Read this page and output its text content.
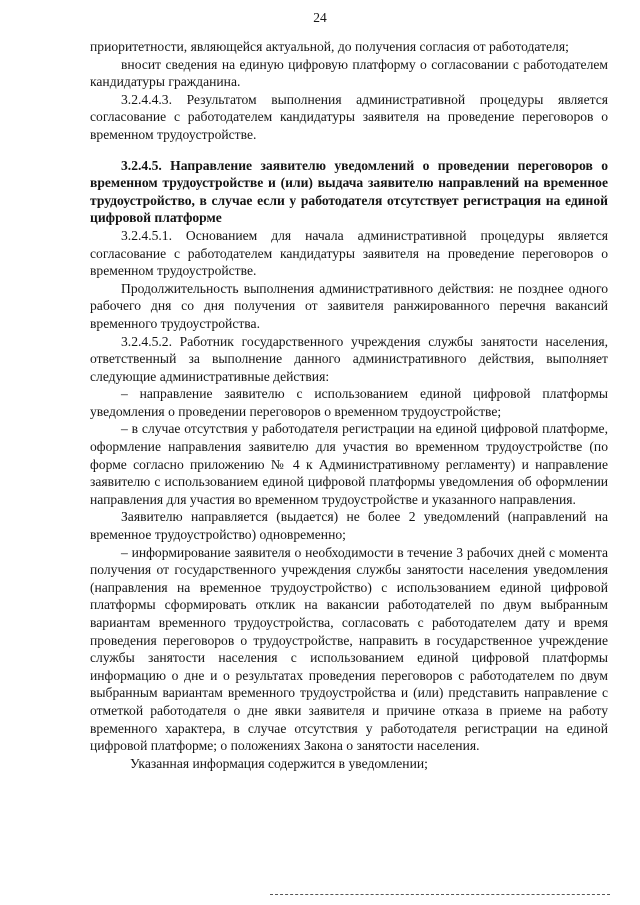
24

приоритетности, являющейся актуальной, до получения согласия от работодателя;

вносит сведения на единую цифровую платформу о согласовании с работодателем кандидатуры гражданина.

3.2.4.4.3. Результатом выполнения административной процедуры является согласование с работодателем кандидатуры заявителя на проведение переговоров о временном трудоустройстве.

3.2.4.5. Направление заявителю уведомлений о проведении переговоров о временном трудоустройстве и (или) выдача заявителю направлений на временное трудоустройство, в случае если у работодателя отсутствует регистрация на единой цифровой платформе

3.2.4.5.1. Основанием для начала административной процедуры является согласование с работодателем кандидатуры заявителя на проведение переговоров о временном трудоустройстве.

Продолжительность выполнения административного действия: не позднее одного рабочего дня со дня получения от заявителя ранжированного перечня вакансий временного трудоустройства.

3.2.4.5.2. Работник государственного учреждения службы занятости населения, ответственный за выполнение данного административного действия, выполняет следующие административные действия:

– направление заявителю с использованием единой цифровой платформы уведомления о проведении переговоров о временном трудоустройстве;

– в случае отсутствия у работодателя регистрации на единой цифровой платформе, оформление направления заявителю для участия во временном трудоустройстве (по форме согласно приложению № 4 к Административному регламенту) и направление заявителю с использованием единой цифровой платформы уведомления об оформлении направления для участия во временном трудоустройстве и указанного направления.

Заявителю направляется (выдается) не более 2 уведомлений (направлений на временное трудоустройство) одновременно;

– информирование заявителя о необходимости в течение 3 рабочих дней с момента получения от государственного учреждения службы занятости населения уведомления (направления на временное трудоустройство) с использованием единой цифровой платформы сформировать отклик на вакансии работодателей по двум выбранным вариантам временного трудоустройства, согласовать с работодателем дату и время проведения переговоров о трудоустройстве, направить в государственное учреждение службы занятости населения с использованием единой цифровой платформы информацию о дне и о результатах проведения переговоров с работодателем по двум выбранным вариантам временного трудоустройства и (или) представить направление с отметкой работодателя о дне явки заявителя и причине отказа в приеме на работу временного характера, в случае отсутствия у работодателя регистрации на единой цифровой платформе; о положениях Закона о занятости населения.

Указанная информация содержится в уведомлении;
